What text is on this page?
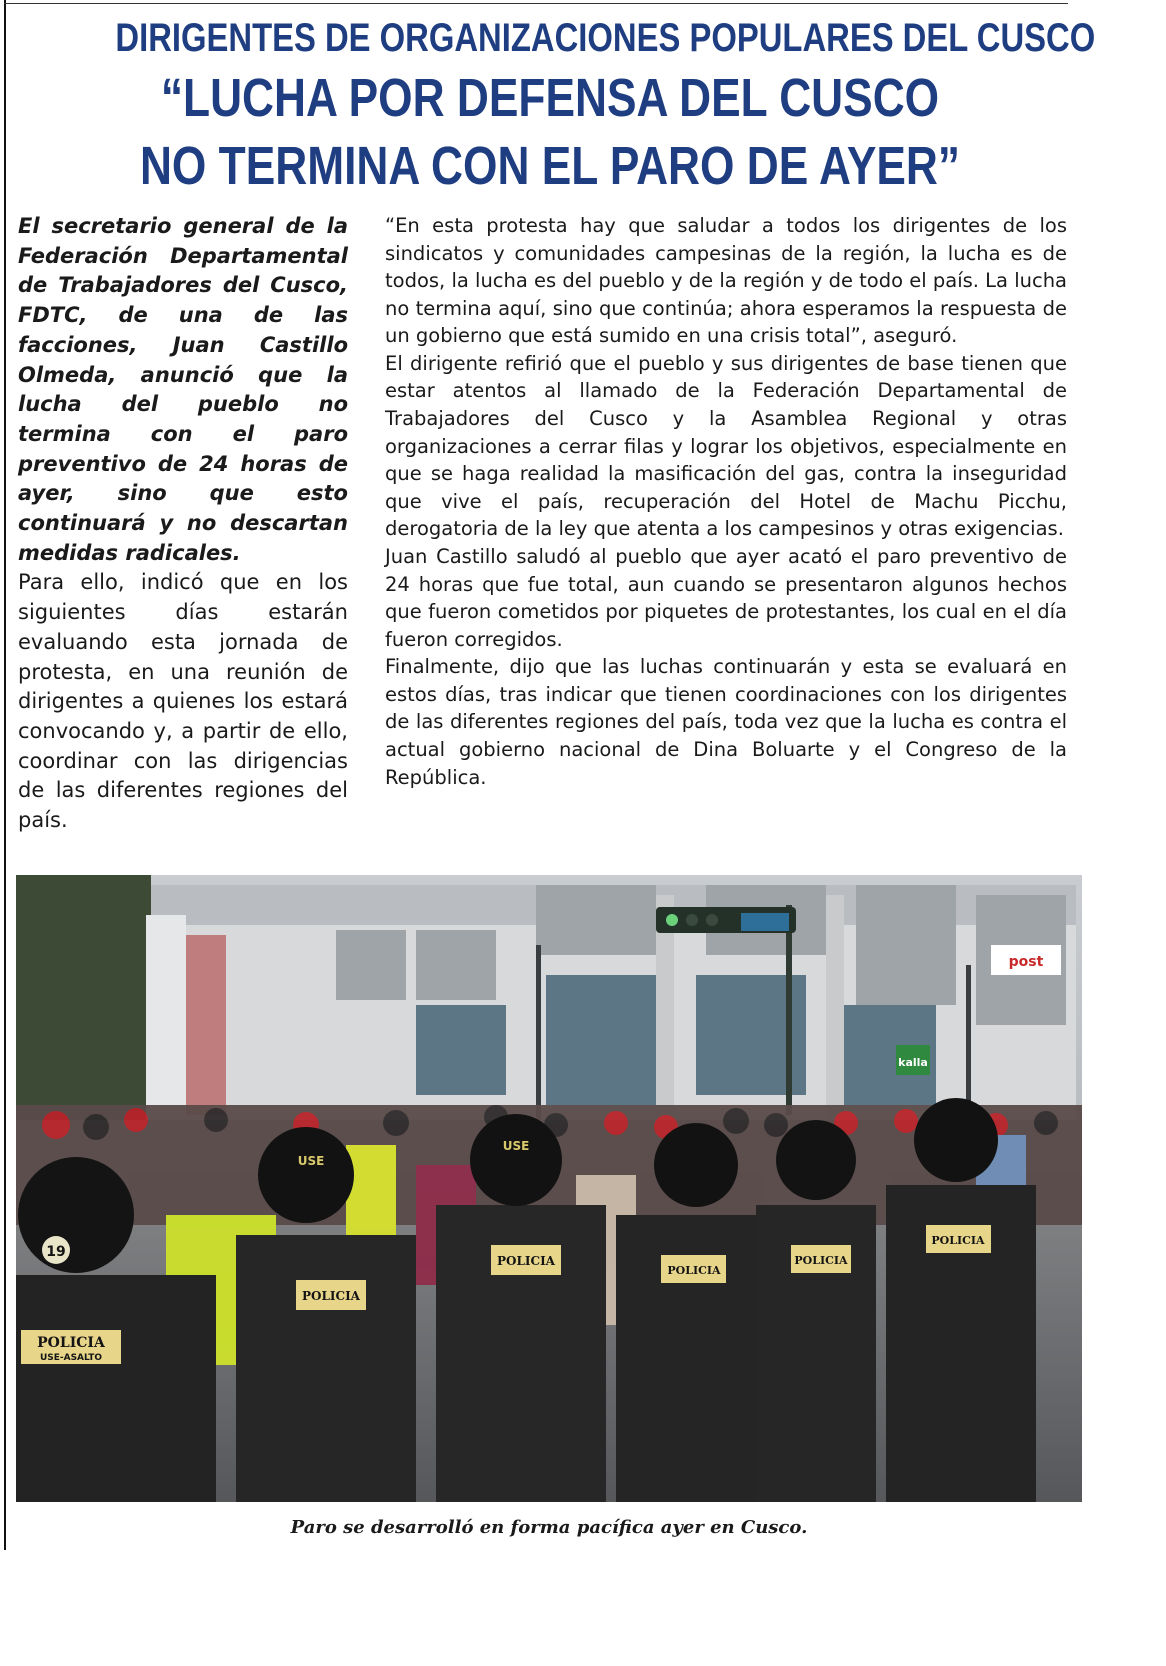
DIRIGENTES DE ORGANIZACIONES POPULARES DEL CUSCO
“LUCHA POR DEFENSA DEL CUSCO
NO TERMINA CON EL PARO DE AYER”

El secretario general de la Federación Departamental de Trabajadores del Cusco, FDTC, de una de las facciones, Juan Castillo Olmeda, anunció que la lucha del pueblo no termina con el paro preventivo de 24 horas de ayer, sino que esto continuará y no descartan medidas radicales.

Para ello, indicó que en los siguientes días estarán evaluando esta jornada de protesta, en una reunión de dirigentes a quienes los estará convocando y, a partir de ello, coordinar con las dirigencias de las diferentes regiones del país.

“En esta protesta hay que saludar a todos los dirigentes de los sindicatos y comunidades campesinas de la región, la lucha es de todos, la lucha es del pueblo y de la región y de todo el país. La lucha no termina aquí, sino que continúa; ahora esperamos la respuesta de un gobierno que está sumido en una crisis total”, aseguró.

El dirigente refirió que el pueblo y sus dirigentes de base tienen que estar atentos al llamado de la Federación Departamental de Trabajadores del Cusco y la Asamblea Regional y otras organizaciones a cerrar filas y lograr los objetivos, especialmente en que se haga realidad la masificación del gas, contra la inseguridad que vive el país, recuperación del Hotel de Machu Picchu, derogatoria de la ley que atenta a los campesinos y otras exigencias.

Juan Castillo saludó al pueblo que ayer acató el paro preventivo de 24 horas que fue total, aun cuando se presentaron algunos hechos que fueron cometidos por piquetes de protestantes, los cual en el día fueron corregidos.

Finalmente, dijo que las luchas continuarán y esta se evaluará en estos días, tras indicar que tienen coordinaciones con los dirigentes de las diferentes regiones del país, toda vez que la lucha es contra el actual gobierno nacional de Dina Boluarte y el Congreso de la República.

kalla
post
19
POLICIA
USE-ASALTO
USE
POLICIA
USE
POLICIA
POLICIA
POLICIA
POLICIA
Paro se desarrolló en forma pacífica ayer en Cusco.
